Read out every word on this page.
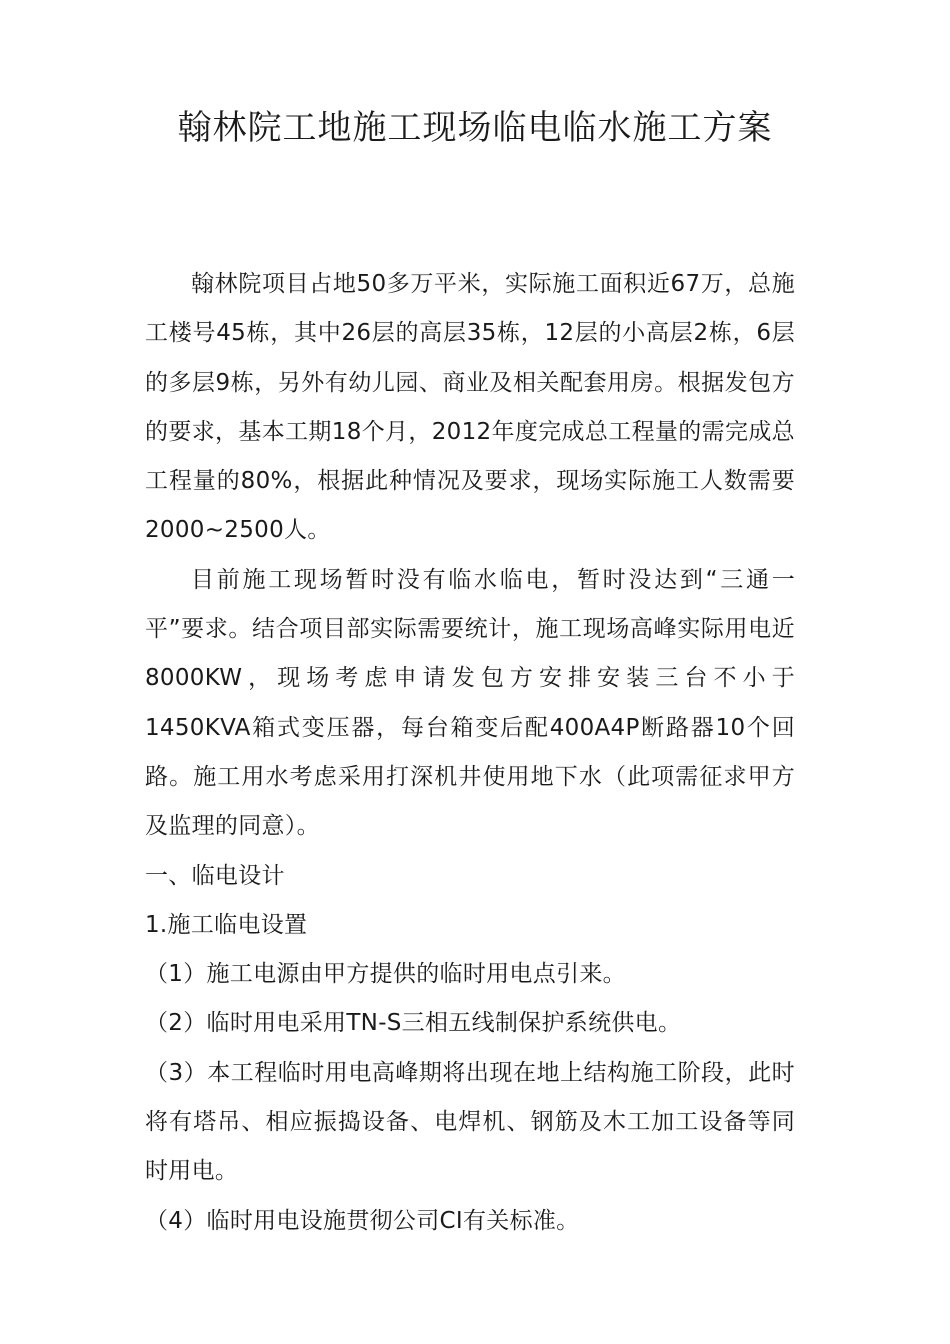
翰林院工地施工现场临电临水施工方案

翰林院项目占地50多万平米，实际施工面积近67万，总施工楼号45栋，其中26层的高层35栋，12层的小高层2栋，6层的多层9栋，另外有幼儿园、商业及相关配套用房。根据发包方的要求，基本工期18个月，2012年度完成总工程量的需完成总工程量的80%，根据此种情况及要求，现场实际施工人数需要2000~2500人。

目前施工现场暂时没有临水临电，暂时没达到“三通一平”要求。结合项目部实际需要统计，施工现场高峰实际用电近8000KW，现场考虑申请发包方安排安装三台不小于 1450KVA箱式变压器，每台箱变后配400A4P断路器10个回路。施工用水考虑采用打深机井使用地下水（此项需征求甲方及监理的同意）。

一、临电设计

1.施工临电设置

（1）施工电源由甲方提供的临时用电点引来。

（2）临时用电采用TN-S三相五线制保护系统供电。

（3）本工程临时用电高峰期将出现在地上结构施工阶段，此时将有塔吊、相应振捣设备、电焊机、钢筋及木工加工设备等同时用电。

（4）临时用电设施贯彻公司CI有关标准。
